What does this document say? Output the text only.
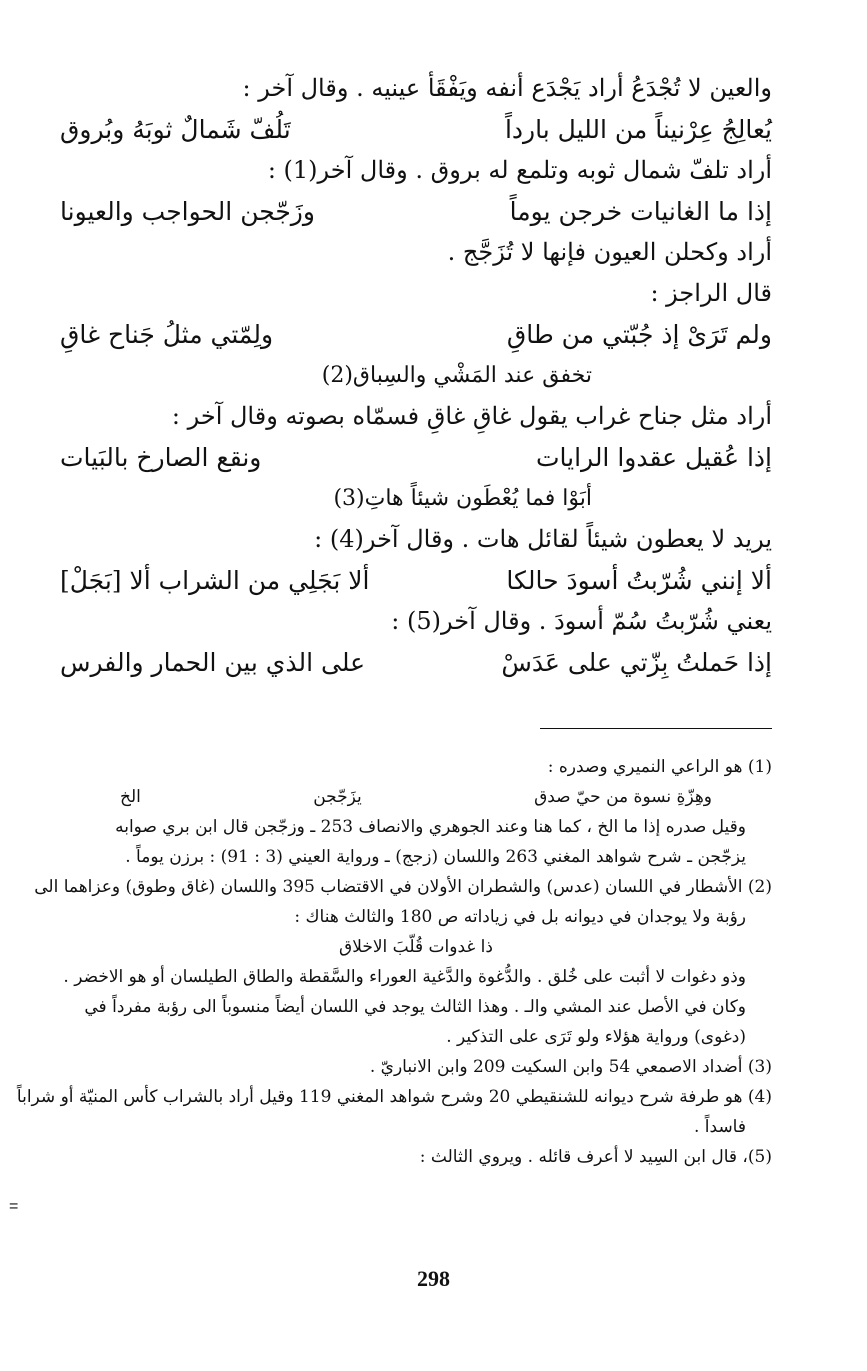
والعين لا تُجْدَعُ أراد يَجْدَع أنفه ويَفْقَأ عينيه . وقال آخر :
يُعالِجُ عِرْنيناً من الليل بارداً
تَلُفّ شَمالٌ ثوبَهُ وبُروق
أراد تلفّ شمال ثوبه وتلمع له بروق . وقال آخر(1) :
إذا ما الغانيات خرجن يوماً
وزَجّجن الحواجب والعيونا
أراد وكحلن العيون فإنها لا تُزَجَّج .
قال الراجز :
ولم تَرَىْ إذ جُبّتي من طاقِ
ولِمّتي مثلُ جَناح غاقِ
تخفق عند المَشْي والسِباق(2)
أراد مثل جناح غراب يقول غاقِ غاقِ فسمّاه بصوته وقال آخر :
إذا عُقيل عقدوا الرايات
ونقع الصارخ بالبَيات
أبَوْا فما يُعْطَون شيئاً هاتِ(3)
يريد لا يعطون شيئاً لقائل هات . وقال آخر(4) :
ألا إنني شُرّبتُ أسودَ حالكا
ألا بَجَلِي من الشراب ألا [بَجَلْ]
يعني شُرّبتُ سُمّ أسودَ . وقال آخر(5) :
إذا حَملتُ بِزّتي على عَدَسْ
على الذي بين الحمار والفرس
(1) هو الراعي النميري وصدره :
وهِزّةِ نسوة من حيّ صدق
يزَجّجن
الخ
وقيل صدره إذا ما الخ ، كما هنا وعند الجوهري والانصاف 253 ـ وزجّجن قال ابن بري صوابه
يزجّجن ـ شرح شواهد المغني 263 واللسان (زجج) ـ ورواية العيني (3 : 91) : برزن يوماً .
(2) الأشطار في اللسان (عدس) والشطران الأولان في الاقتضاب 395 واللسان (غاق وطوق) وعزاهما الى
رؤبة ولا يوجدان في ديوانه بل في زياداته ص 180 والثالث هناك :
ذا غدوات قُلّبَ الاخلاق
وذو دغوات لا أثبت على خُلق . والدُّغوة والدَّغية العوراء والسَّقطة والطاق الطيلسان أو هو الاخضر .
وكان في الأصل عند المشي والـ . وهذا الثالث يوجد في اللسان أيضاً منسوباً الى رؤبة مفرداً في
(دغوى) ورواية هؤلاء ولو تَرَى على التذكير .
(3) أضداد الاصمعي 54 وابن السكيت 209 وابن الانباريّ .
(4) هو طرفة شرح ديوانه للشنقيطي 20 وشرح شواهد المغني 119 وقيل أراد بالشراب كأس المنيّة أو شراباً
فاسداً .
(5)، قال ابن السِيد لا أعرف قائله . ويروي الثالث :
=
298
